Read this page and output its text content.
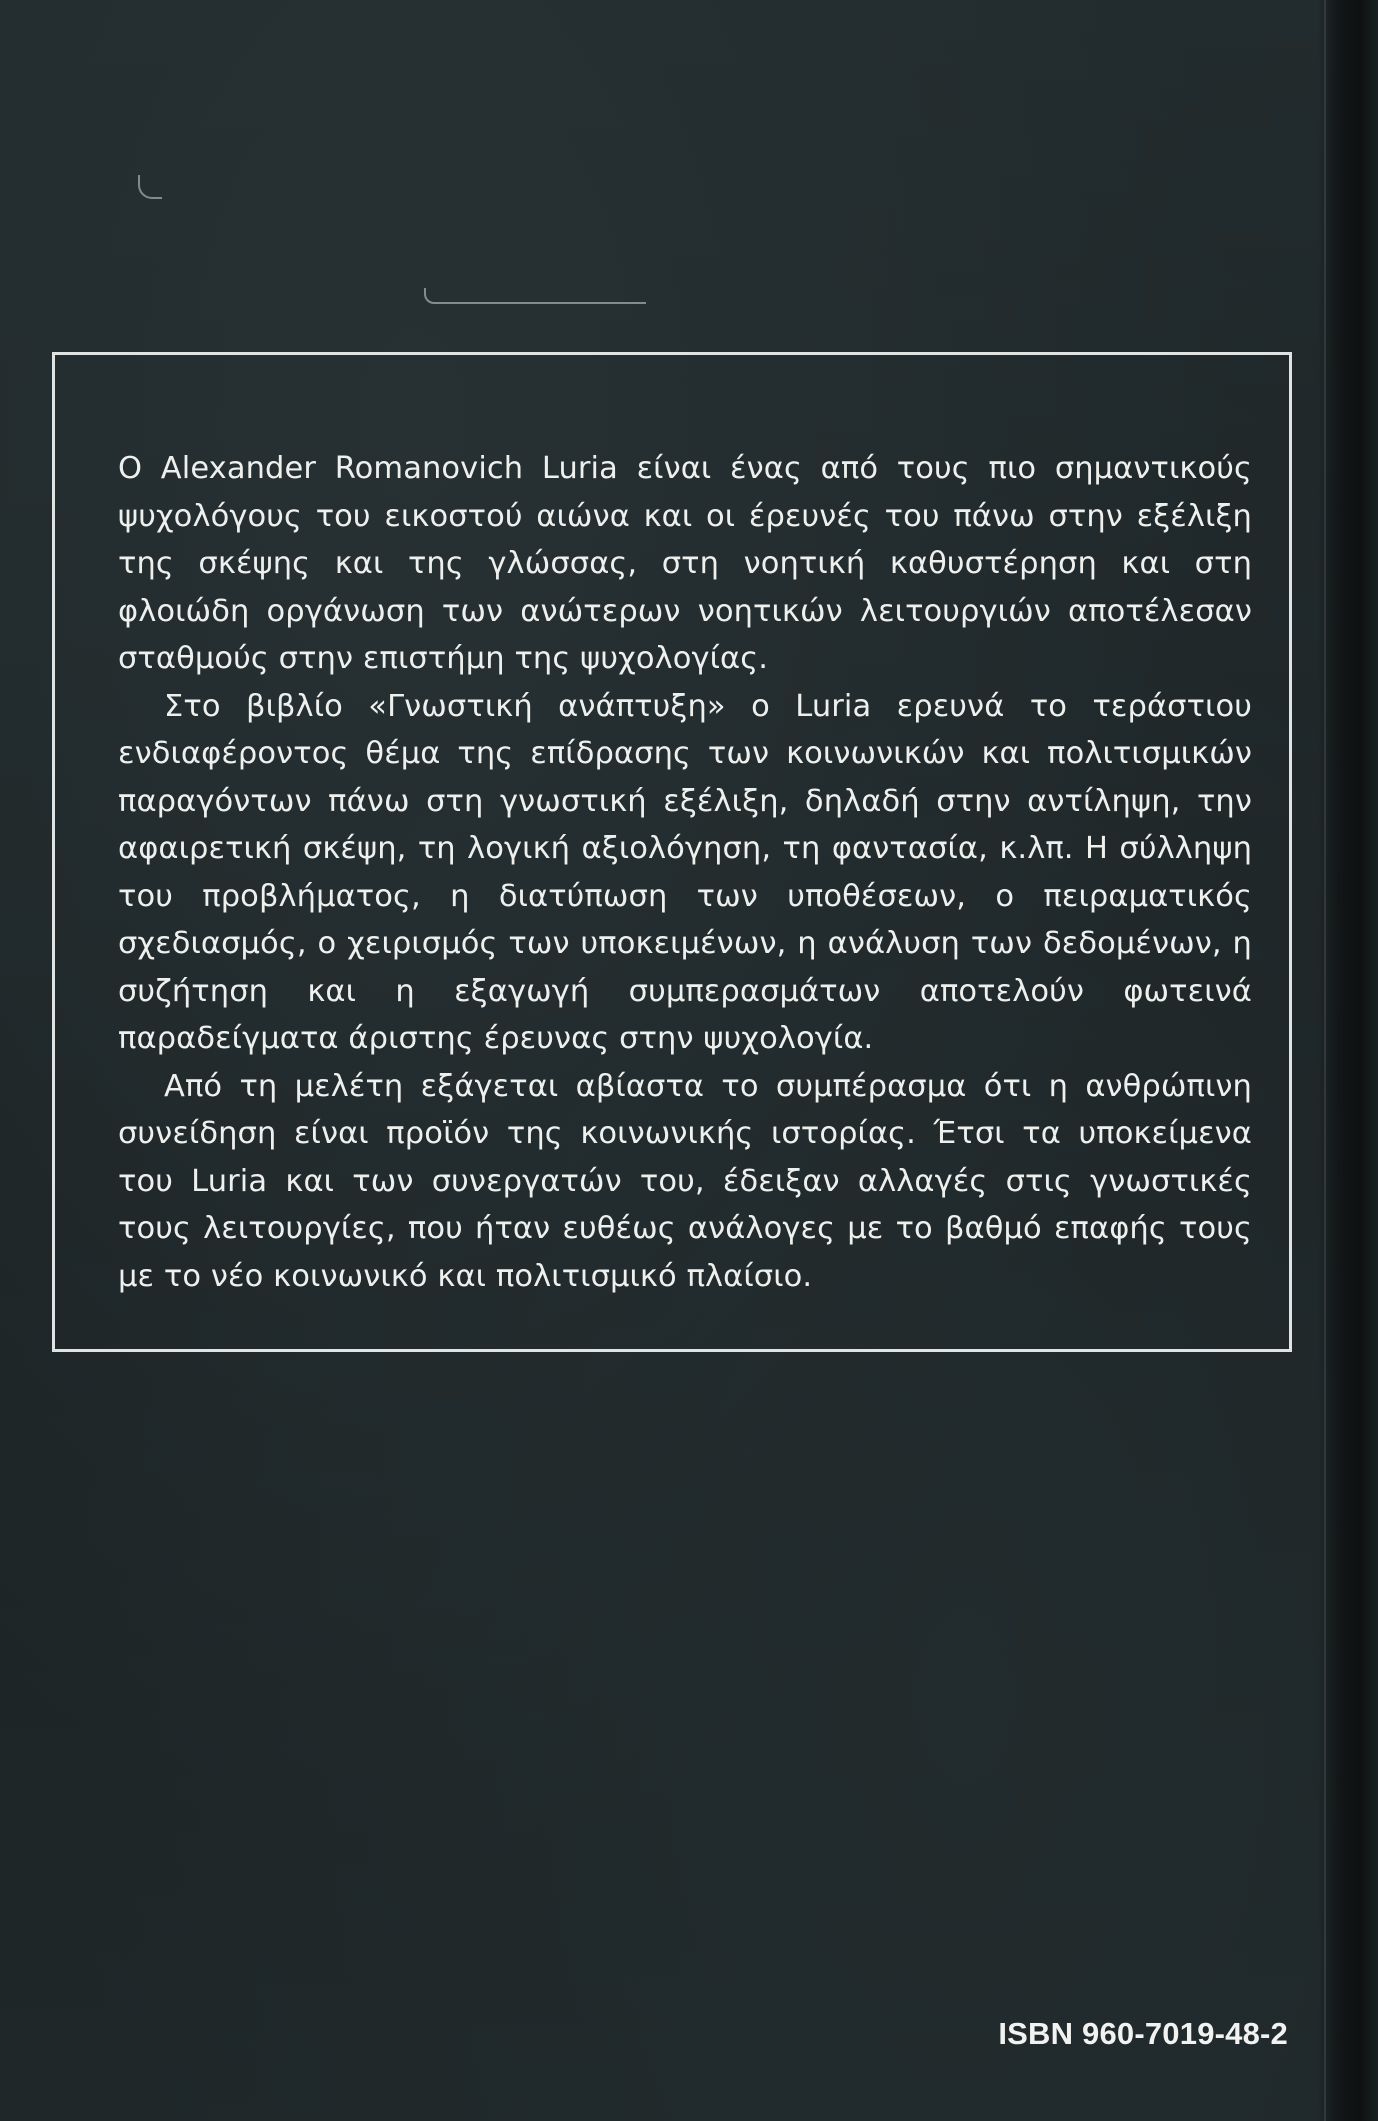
Ο Alexander Romanovich Luria είναι ένας από τους πιο σημαντικούς ψυχολόγους του εικοστού αιώνα και οι έρευνές του πάνω στην εξέλιξη της σκέψης και της γλώσσας, στη νοητική καθυστέρηση και στη φλοιώδη οργάνωση των ανώτερων νοητικών λειτουργιών αποτέλεσαν σταθμούς στην επιστήμη της ψυχολογίας.

Στο βιβλίο «Γνωστική ανάπτυξη» ο Luria ερευνά το τεράστιου ενδιαφέροντος θέμα της επίδρασης των κοινωνικών και πολιτισμικών παραγόντων πάνω στη γνωστική εξέλιξη, δηλαδή στην αντίληψη, την αφαιρετική σκέψη, τη λογική αξιολόγηση, τη φαντασία, κ.λπ. Η σύλληψη του προβλήματος, η διατύπωση των υποθέσεων, ο πειραματικός σχεδιασμός, ο χειρισμός των υποκειμένων, η ανάλυση των δεδομένων, η συζήτηση και η εξαγωγή συμπερασμάτων αποτελούν φωτεινά παραδείγματα άριστης έρευνας στην ψυχολογία.

Από τη μελέτη εξάγεται αβίαστα το συμπέρασμα ότι η ανθρώπινη συνείδηση είναι προϊόν της κοινωνικής ιστορίας. Έτσι τα υποκείμενα του Luria και των συνεργατών του, έδειξαν αλλαγές στις γνωστικές τους λειτουργίες, που ήταν ευθέως ανάλογες με το βαθμό επαφής τους με το νέο κοινωνικό και πολιτισμικό πλαίσιο.

ISBN 960-7019-48-2
